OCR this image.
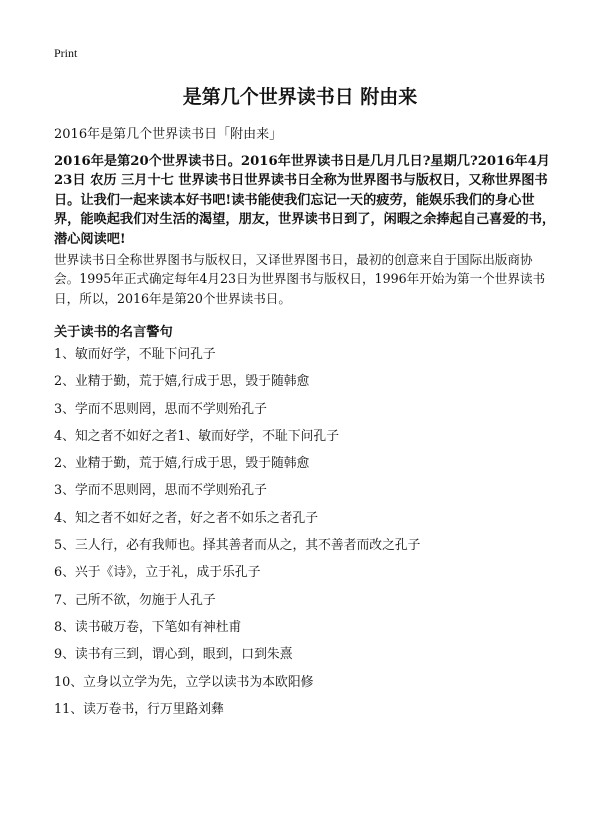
Print
是第几个世界读书日 附由来
2016年是第几个世界读书日「附由来」
2016年是第20个世界读书日。2016年世界读书日是几月几日?星期几?2016年4月23日 农历 三月十七 世界读书日世界读书日全称为世界图书与版权日，又称世界图书日。让我们一起来读本好书吧!读书能使我们忘记一天的疲劳，能娱乐我们的身心世界，能唤起我们对生活的渴望，朋友，世界读书日到了，闲暇之余捧起自己喜爱的书，潜心阅读吧!
世界读书日全称世界图书与版权日，又译世界图书日，最初的创意来自于国际出版商协会。1995年正式确定每年4月23日为世界图书与版权日，1996年开始为第一个世界读书日，所以，2016年是第20个世界读书日。
关于读书的名言警句
1、敏而好学，不耻下问孔子
2、业精于勤，荒于嬉,行成于思，毁于随韩愈
3、学而不思则罔，思而不学则殆孔子
4、知之者不如好之者1、敏而好学，不耻下问孔子
2、业精于勤，荒于嬉,行成于思，毁于随韩愈
3、学而不思则罔，思而不学则殆孔子
4、知之者不如好之者，好之者不如乐之者孔子
5、三人行，必有我师也。择其善者而从之，其不善者而改之孔子
6、兴于《诗》，立于礼，成于乐孔子
7、己所不欲，勿施于人孔子
8、读书破万卷，下笔如有神杜甫
9、读书有三到，谓心到，眼到，口到朱熹
10、立身以立学为先，立学以读书为本欧阳修
11、读万卷书，行万里路刘彝
